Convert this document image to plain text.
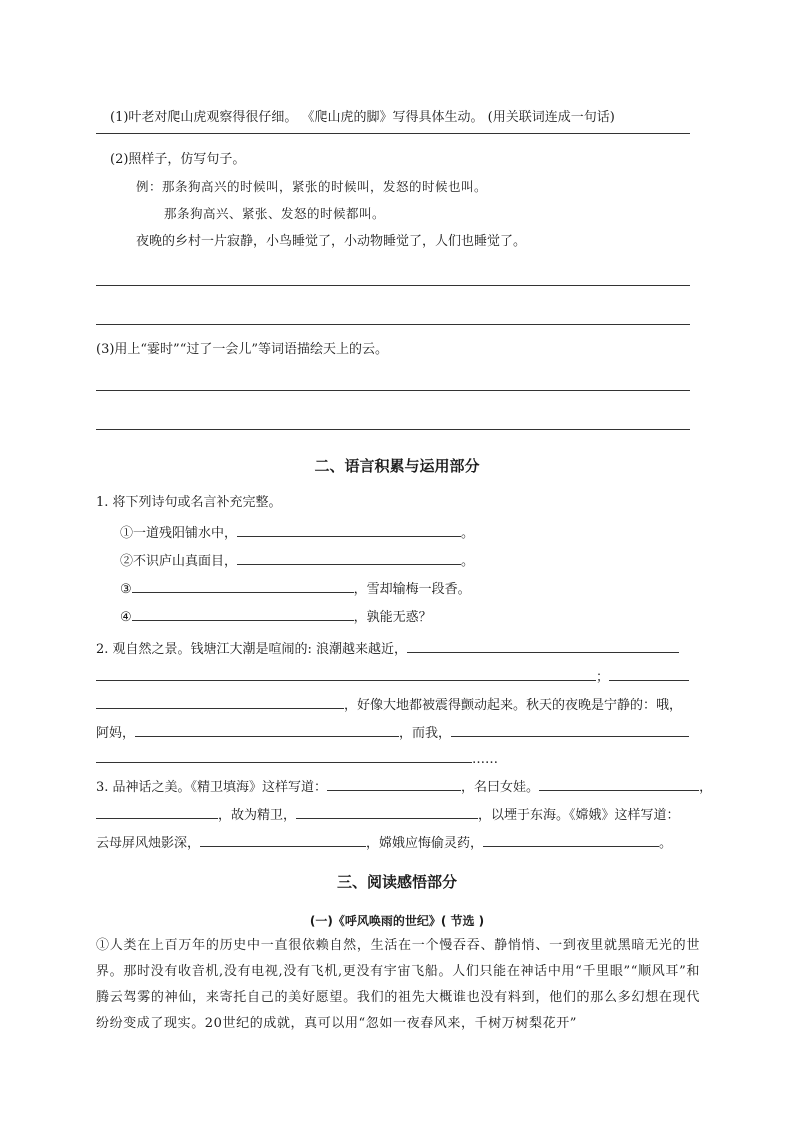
(1)叶老对爬山虎观察得很仔细。 《爬山虎的脚》写得具体生动。 (用关联词连成一句话)
(2)照样子，仿写句子。
例：那条狗高兴的时候叫，紧张的时候叫，发怒的时候也叫。
那条狗高兴、紧张、发怒的时候都叫。
夜晚的乡村一片寂静，小鸟睡觉了，小动物睡觉了，人们也睡觉了。
(3)用上“霎时”“过了一会儿”等词语描绘天上的云。
二、语言积累与运用部分
1. 将下列诗句或名言补充完整。
①一道残阳铺水中，	。
②不识庐山真面目，	。
③	，雪却输梅一段香。
④	，孰能无惑？
2. 观自然之景。钱塘江大潮是喧闹的: 浪潮越来越近，
；
，好像大地都被震得颤动起来。秋天的夜晚是宁静的：哦，
阿妈，	，而我，
……
3. 品神话之美。《精卫填海》这样写道：	，名曰女娃。	，
，故为精卫，	，以堙于东海。《嫦娥》这样写道：
云母屏风烛影深，	，嫦娥应悔偷灵药，	。
三、阅读感悟部分
(一)《呼风唤雨的世纪》( 节选 )
①人类在上百万年的历史中一直很依赖自然，生活在一个慢吞吞、静悄悄、一到夜里就黑暗无光的世界。那时没有收音机,没有电视,没有飞机,更没有宇宙飞船。人们只能在神话中用“千里眼”“顺风耳”和腾云驾雾的神仙，来寄托自己的美好愿望。我们的祖先大概谁也没有料到，他们的那么多幻想在现代纷纷变成了现实。20世纪的成就，真可以用“忽如一夜春风来，千树万树梨花开”
